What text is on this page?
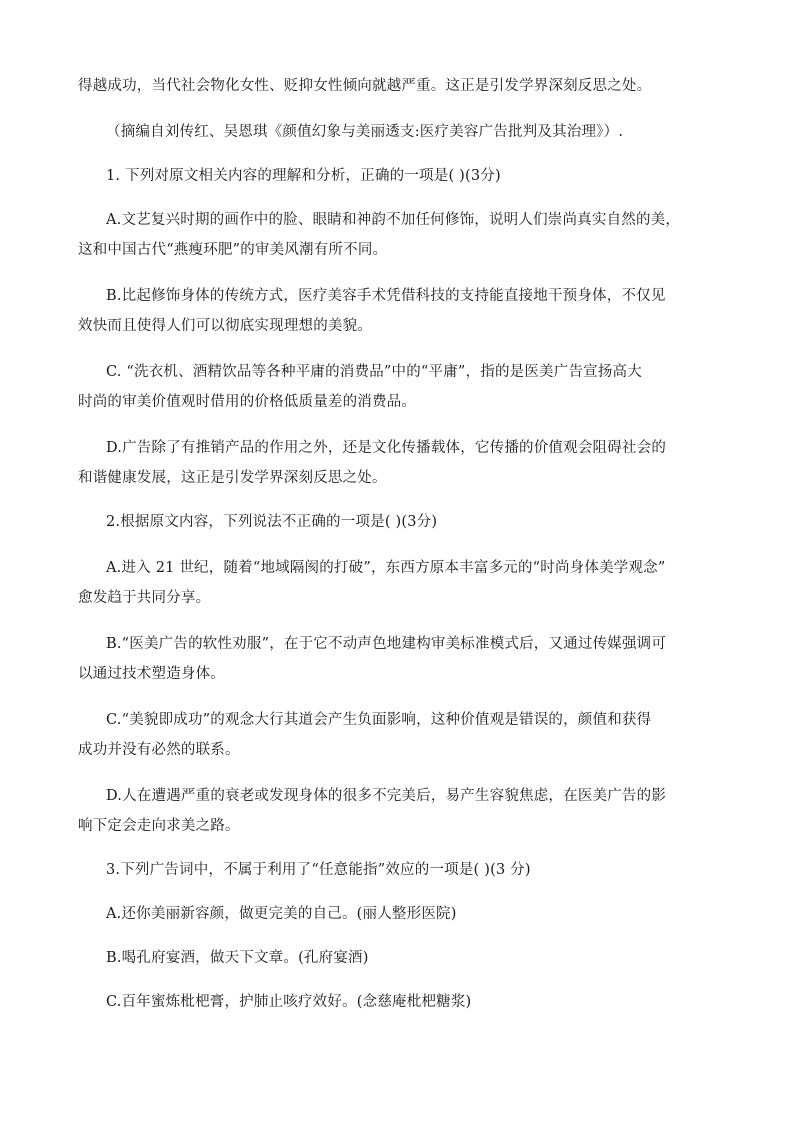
得越成功，当代社会物化女性、贬抑女性倾向就越严重。这正是引发学界深刻反思之处。
（摘编自刘传红、吴恩琪《颜值幻象与美丽透支:医疗美容广告批判及其治理》）.
1. 下列对原文相关内容的理解和分析，正确的一项是( )(3分)
A.文艺复兴时期的画作中的脸、眼睛和神韵不加任何修饰，说明人们崇尚真实自然的美，
这和中国古代“燕瘦环肥”的审美风潮有所不同。
B.比起修饰身体的传统方式，医疗美容手术凭借科技的支持能直接地干预身体，不仅见
效快而且使得人们可以彻底实现理想的美貌。
C. “洗衣机、酒精饮品等各种平庸的消费品”中的“平庸”，指的是医美广告宣扬高大
时尚的审美价值观时借用的价格低质量差的消费品。
D.广告除了有推销产品的作用之外，还是文化传播载体，它传播的价值观会阻碍社会的
和谐健康发展，这正是引发学界深刻反思之处。
2.根据原文内容，下列说法不正确的一项是( )(3分)
A.进入 21 世纪，随着“地域隔阂的打破”，东西方原本丰富多元的“时尚身体美学观念”
愈发趋于共同分享。
B.“医美广告的软性劝服”，在于它不动声色地建构审美标准模式后，又通过传媒强调可
以通过技术塑造身体。
C.“美貌即成功”的观念大行其道会产生负面影响，这种价值观是错误的，颜值和获得
成功并没有必然的联系。
D.人在遭遇严重的衰老或发现身体的很多不完美后，易产生容貌焦虑，在医美广告的影
响下定会走向求美之路。
3.下列广告词中，不属于利用了“任意能指”效应的一项是( )(3 分)
A.还你美丽新容颜，做更完美的自己。(丽人整形医院)
B.喝孔府宴酒，做天下文章。(孔府宴酒)
C.百年蜜炼枇杷膏，护肺止咳疗效好。(念慈庵枇杷糖浆)
